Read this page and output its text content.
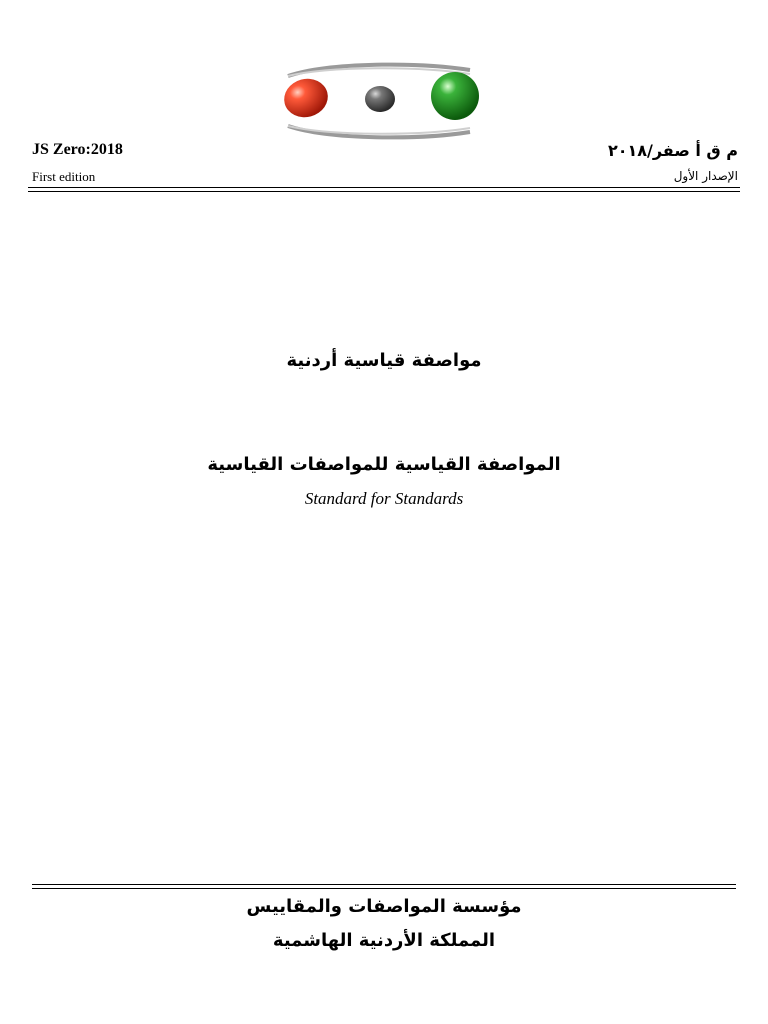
JS Zero:2018	م ق أ صفر/٢٠١٨
First edition	الإصدار الأول
مواصفة قياسية أردنية
المواصفة القياسية للمواصفات القياسية
Standard for Standards
مؤسسة المواصفات والمقاييس
المملكة الأردنية الهاشمية
